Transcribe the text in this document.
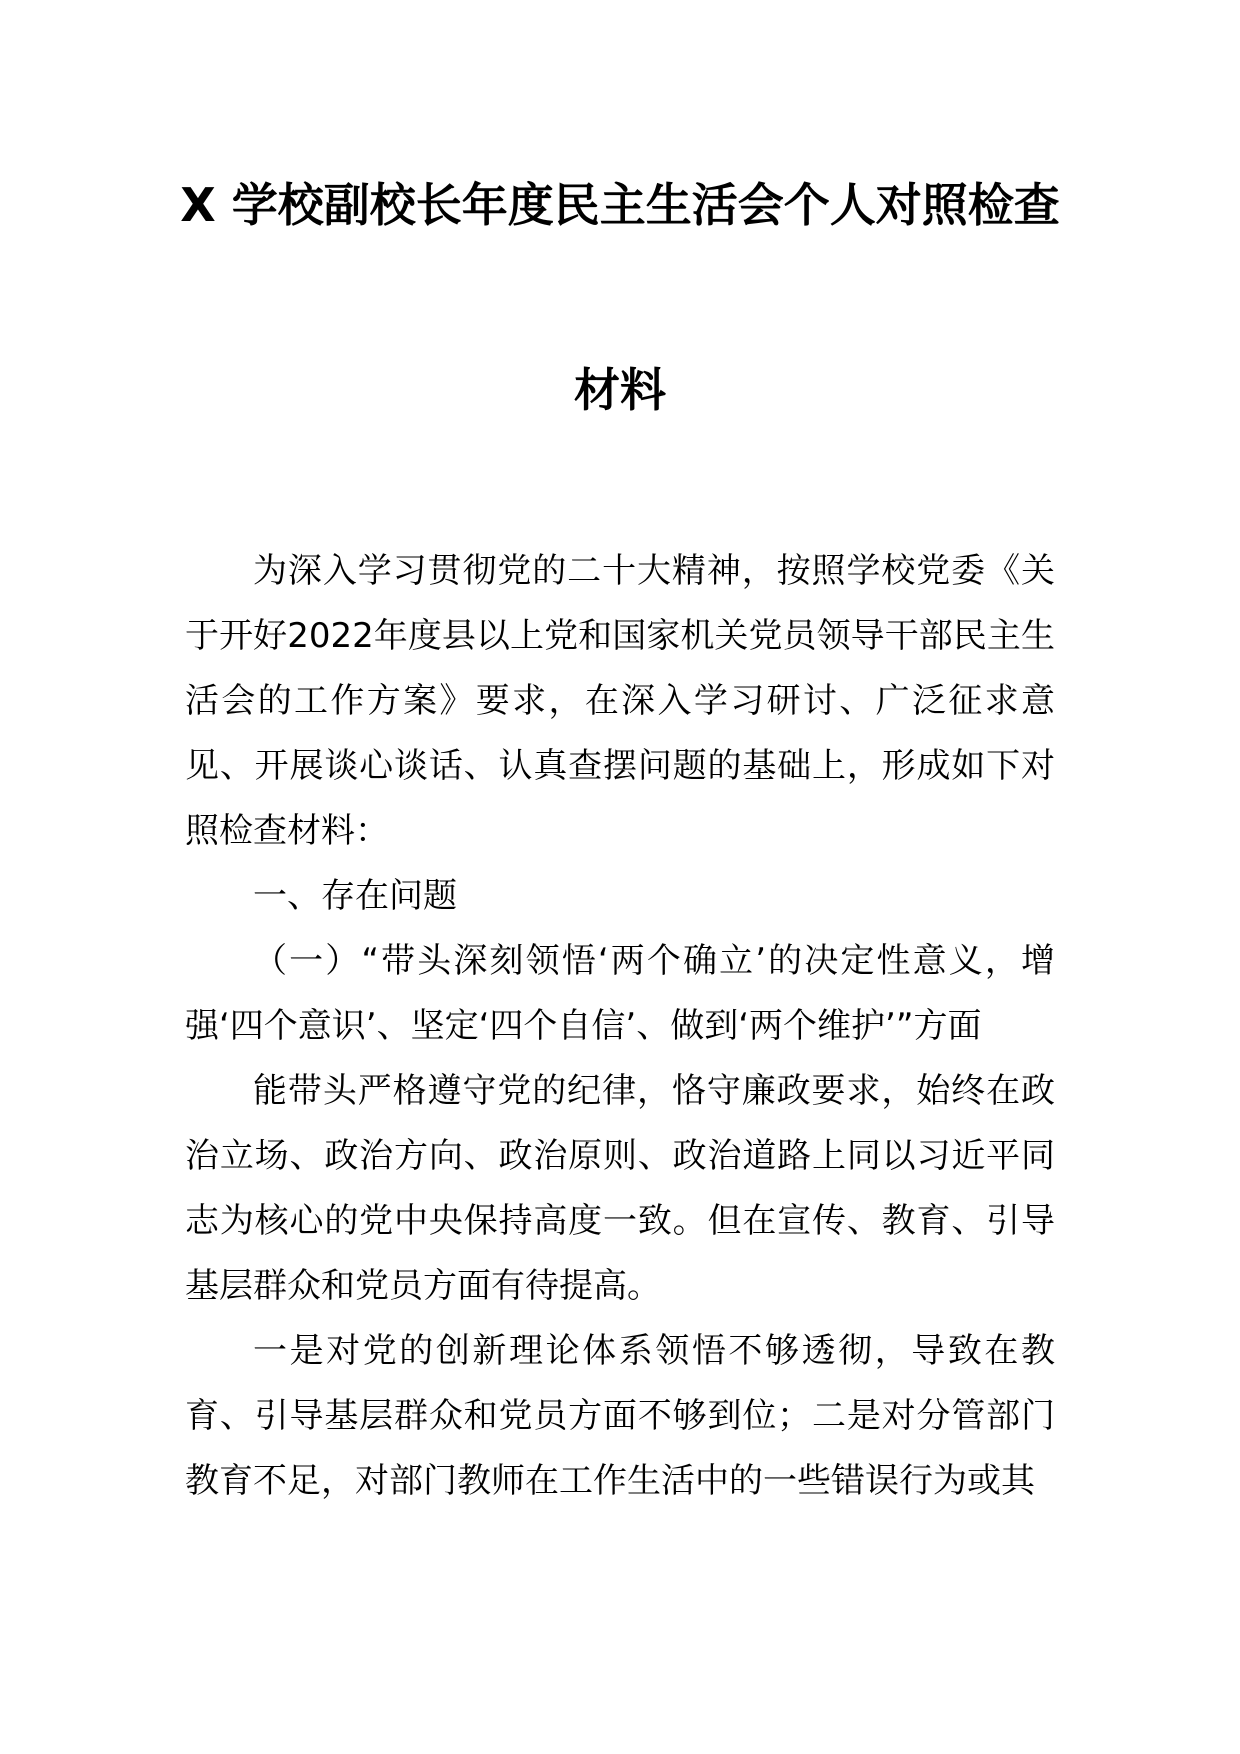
X 学校副校长年度民主生活会个人对照检查
材料

为深入学习贯彻党的二十大精神，按照学校党委《关于开好2022年度县以上党和国家机关党员领导干部民主生活会的工作方案》要求，在深入学习研讨、广泛征求意见、开展谈心谈话、认真查摆问题的基础上，形成如下对照检查材料：

一、存在问题

（一）“带头深刻领悟‘两个确立’的决定性意义，增强‘四个意识’、坚定‘四个自信’、做到‘两个维护’”方面

能带头严格遵守党的纪律，恪守廉政要求，始终在政治立场、政治方向、政治原则、政治道路上同以习近平同志为核心的党中央保持高度一致。但在宣传、教育、引导基层群众和党员方面有待提高。

一是对党的创新理论体系领悟不够透彻，导致在教育、引导基层群众和党员方面不够到位；二是对分管部门教育不足，对部门教师在工作生活中的一些错误行为或其
